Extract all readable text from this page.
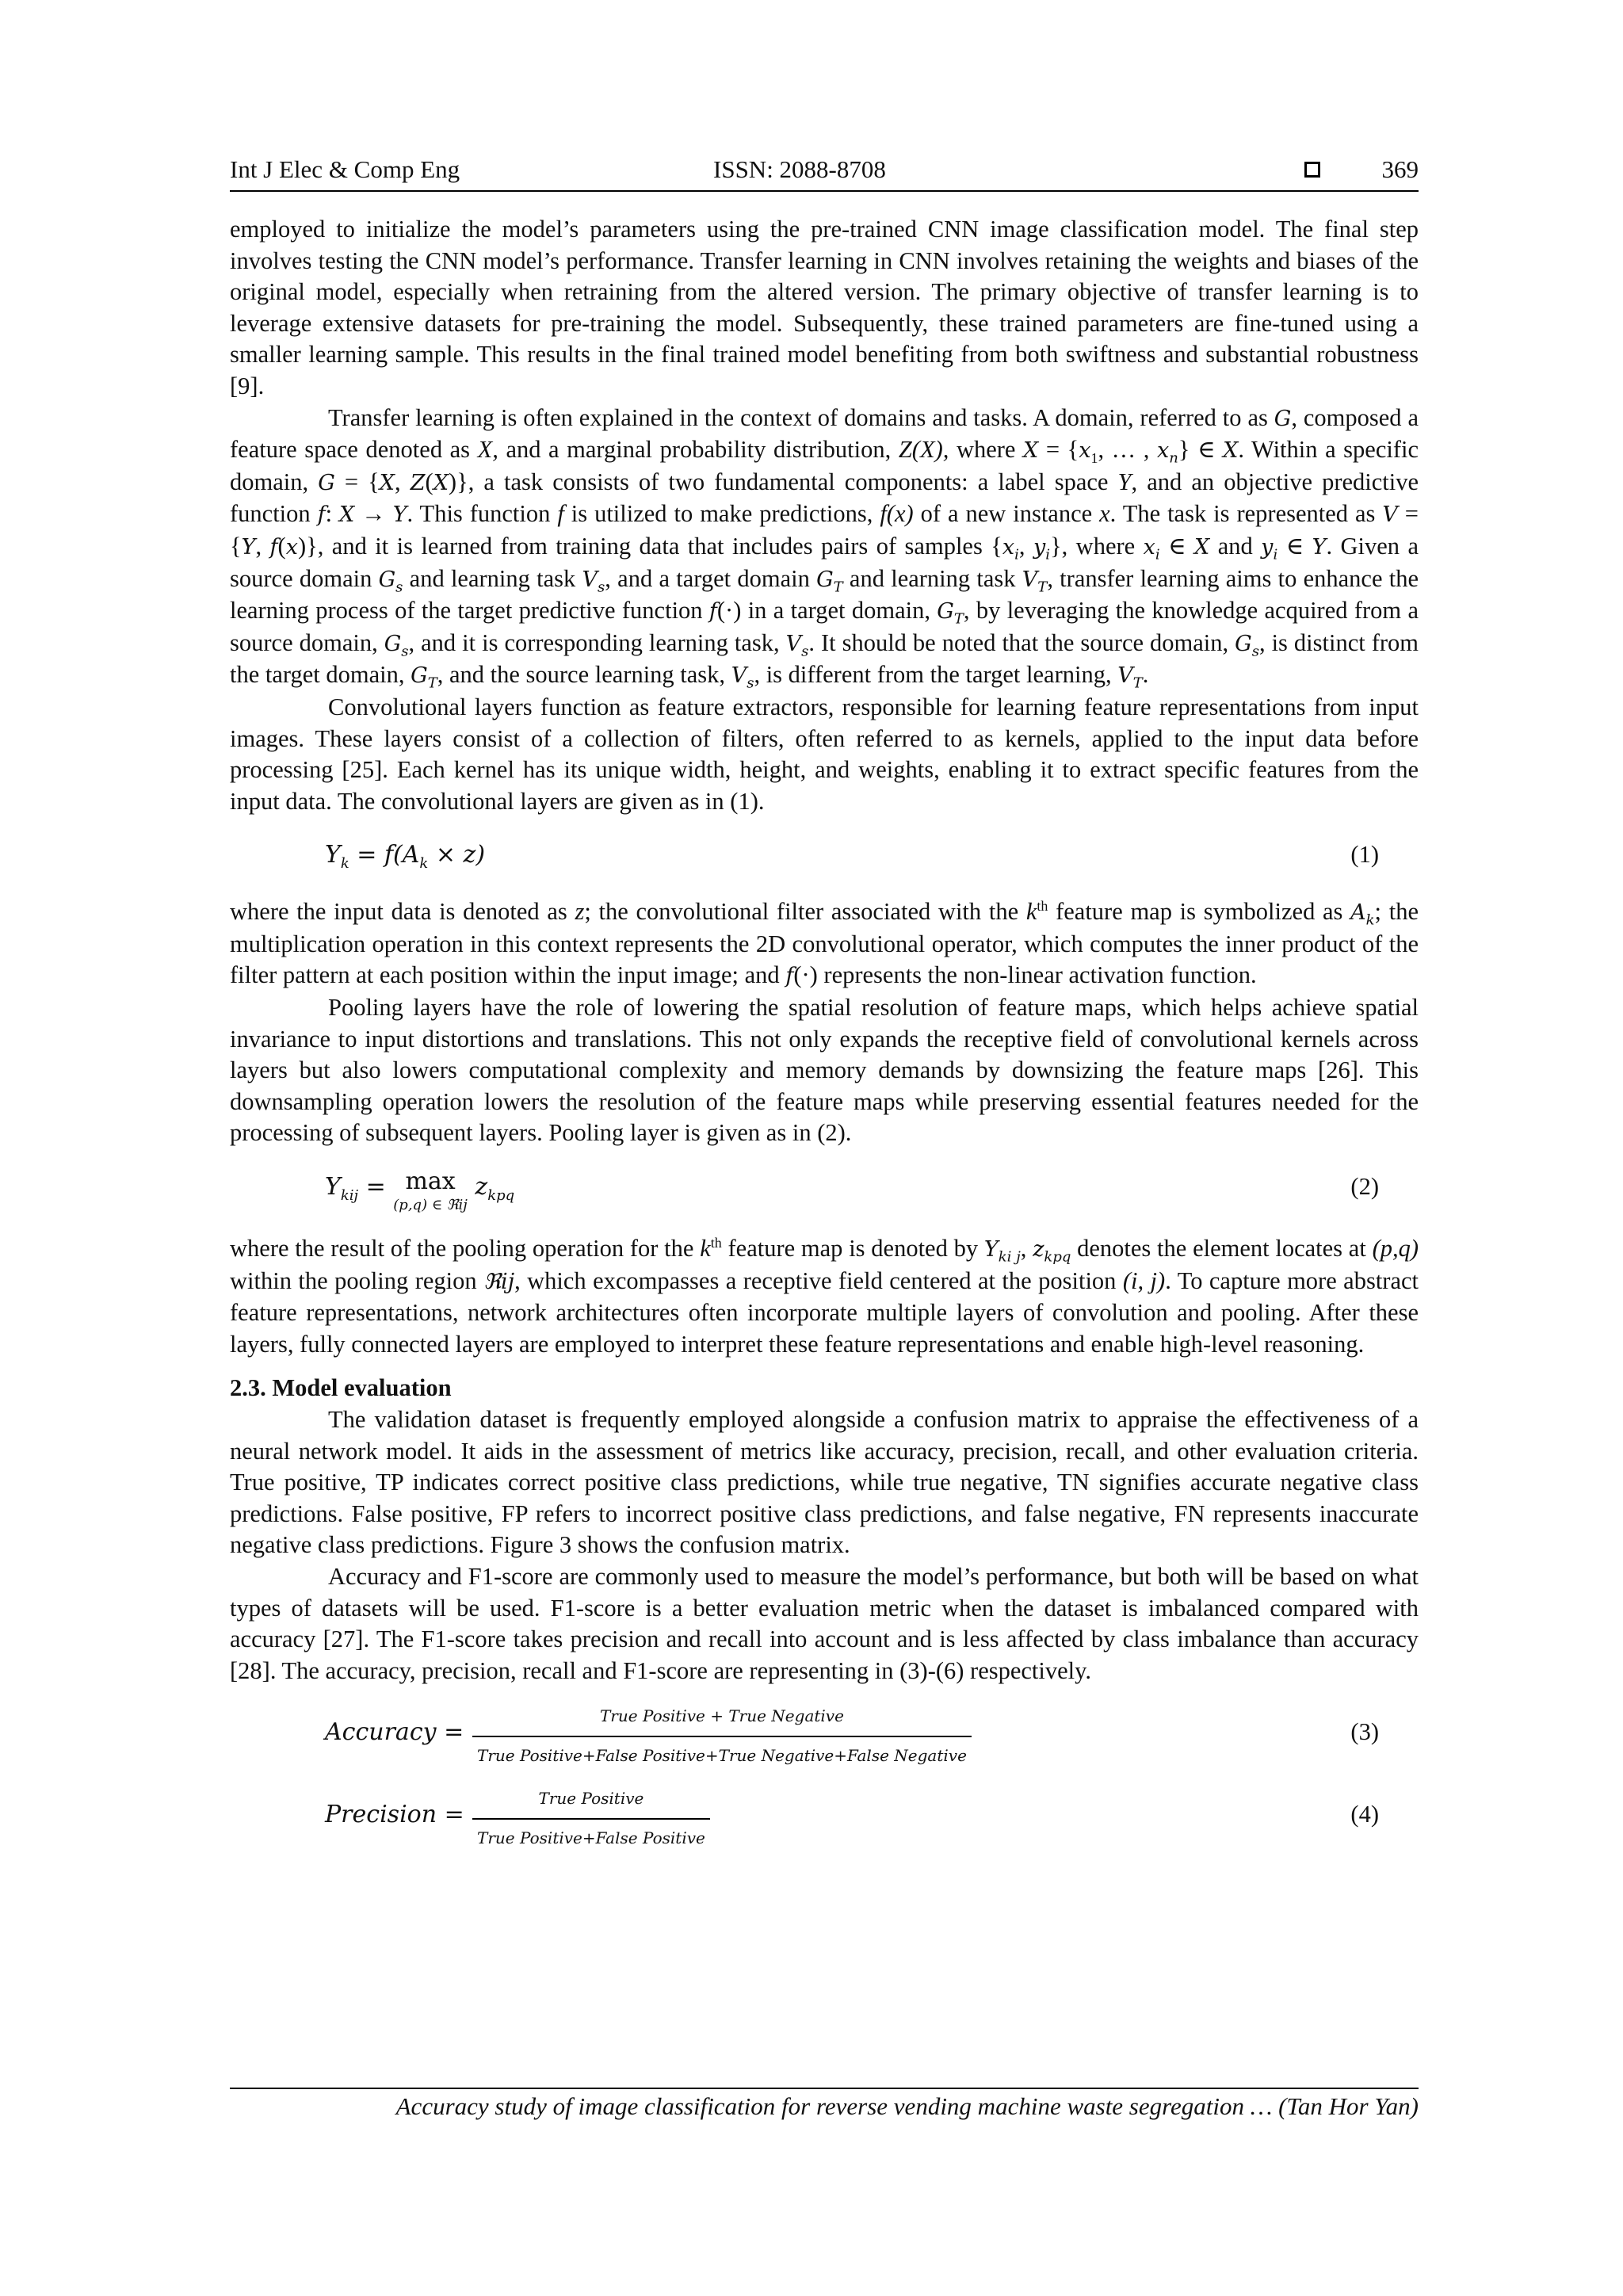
Int J Elec & Comp Eng	ISSN: 2088-8708	369

employed to initialize the model’s parameters using the pre-trained CNN image classification model. The final step involves testing the CNN model’s performance. Transfer learning in CNN involves retaining the weights and biases of the original model, especially when retraining from the altered version. The primary objective of transfer learning is to leverage extensive datasets for pre-training the model. Subsequently, these trained parameters are fine-tuned using a smaller learning sample. This results in the final trained model benefiting from both swiftness and substantial robustness [9].

Transfer learning is often explained in the context of domains and tasks. A domain, referred to as G, composed a feature space denoted as X, and a marginal probability distribution, Z(X), where $X = \{x_1$, … , $x_n$} ∈ X. Within a specific domain, G = {X, Z(X)}, a task consists of two fundamental components: a label space Y, and an objective predictive function f: X → Y. This function f is utilized to make predictions, f(x) of a new instance x. The task is represented as V = {Y, f(x)}, and it is learned from training data that includes pairs of samples {$x_i$, $y_i$}, where $x_i$ ∈ X and $y_i$ ∈ Y. Given a source domain $G_s$ and learning task $V_s$, and a target domain $G_T$ and learning task $V_T$, transfer learning aims to enhance the learning process of the target predictive function f(·) in a target domain, $G_T$, by leveraging the knowledge acquired from a source domain, $G_s$, and it is corresponding learning task, $V_s$. It should be noted that the source domain, $G_s$, is distinct from the target domain, $G_T$, and the source learning task, $V_s$, is different from the target learning, $V_T$.

Convolutional layers function as feature extractors, responsible for learning feature representations from input images. These layers consist of a collection of filters, often referred to as kernels, applied to the input data before processing [25]. Each kernel has its unique width, height, and weights, enabling it to extract specific features from the input data. The convolutional layers are given as in (1).

$Y_k = f(A_k \times z)$	(1)

where the input data is denoted as z; the convolutional filter associated with the $k^{th}$ feature map is symbolized as $A_k$; the multiplication operation in this context represents the 2D convolutional operator, which computes the inner product of the filter pattern at each position within the input image; and f(·) represents the non-linear activation function.

Pooling layers have the role of lowering the spatial resolution of feature maps, which helps achieve spatial invariance to input distortions and translations. This not only expands the receptive field of convolutional kernels across layers but also lowers computational complexity and memory demands by downsizing the feature maps [26]. This downsampling operation lowers the resolution of the feature maps while preserving essential features needed for the processing of subsequent layers. Pooling layer is given as in (2).

$Y_{kij} = \max$
(p,q) ∈ ℜij $z_{kpq}$	(2)

where the result of the pooling operation for the $k^{th}$ feature map is denoted by $Y_{ki j}$, $z_{kpq}$ denotes the element locates at (p,q) within the pooling region ℜij, which excompasses a receptive field centered at the position (i, j). To capture more abstract feature representations, network architectures often incorporate multiple layers of convolution and pooling. After these layers, fully connected layers are employed to interpret these feature representations and enable high-level reasoning.

2.3. Model evaluation

The validation dataset is frequently employed alongside a confusion matrix to appraise the effectiveness of a neural network model. It aids in the assessment of metrics like accuracy, precision, recall, and other evaluation criteria. True positive, TP indicates correct positive class predictions, while true negative, TN signifies accurate negative class predictions. False positive, FP refers to incorrect positive class predictions, and false negative, FN represents inaccurate negative class predictions. Figure 3 shows the confusion matrix.

Accuracy and F1-score are commonly used to measure the model’s performance, but both will be based on what types of datasets will be used. F1-score is a better evaluation metric when the dataset is imbalanced compared with accuracy [27]. The F1-score takes precision and recall into account and is less affected by class imbalance than accuracy [28]. The accuracy, precision, recall and F1-score are representing in (3)-(6) respectively.

Accuracy =
True Positive + True Negative
True Positive+False Positive+True Negative+False Negative
(3)
Precision =
True Positive
True Positive+False Positive
(4)
Accuracy study of image classification for reverse vending machine waste segregation … (Tan Hor Yan)
